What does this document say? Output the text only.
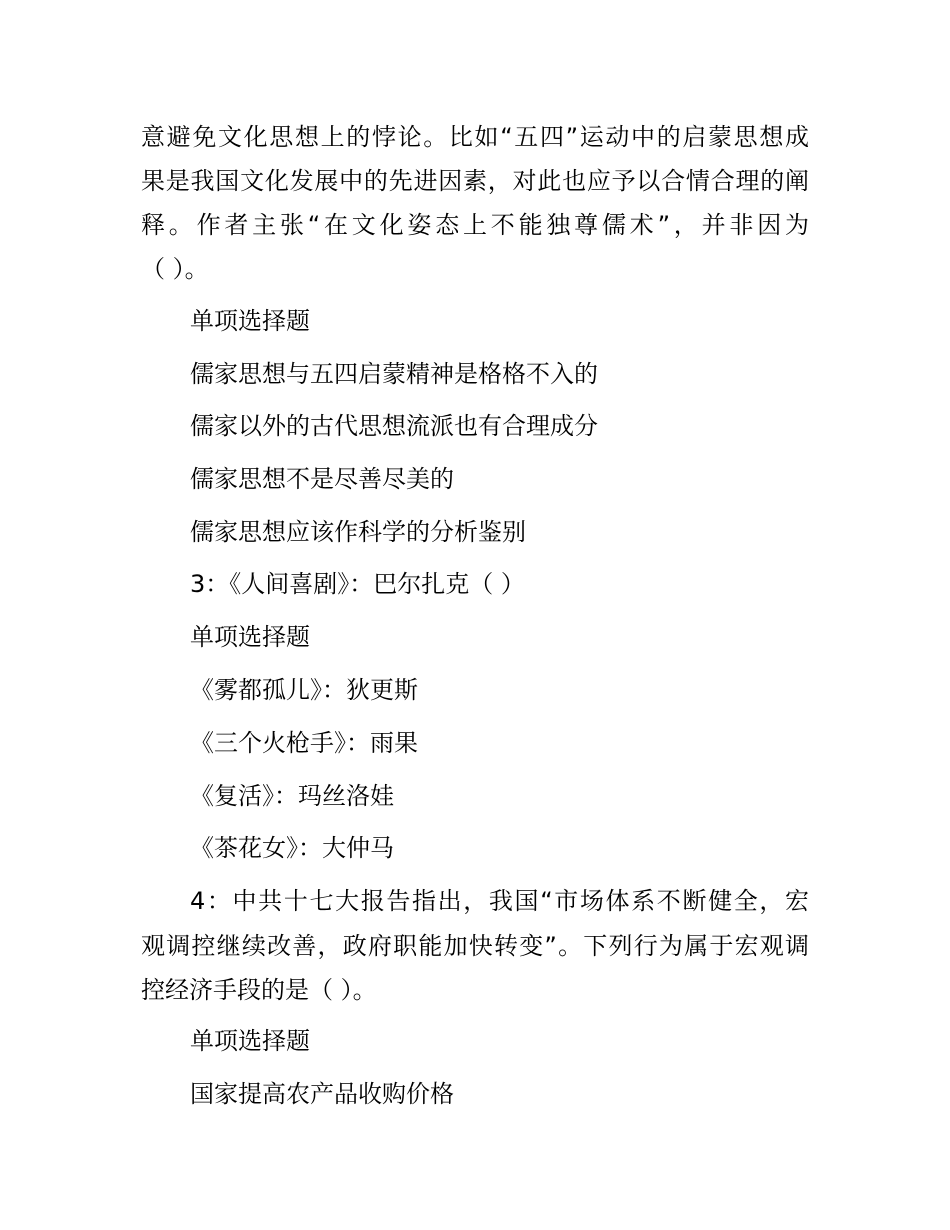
意避免文化思想上的悖论。比如“五四”运动中的启蒙思想成
果是我国文化发展中的先进因素，对此也应予以合情合理的阐
释。作者主张“在文化姿态上不能独尊儒术”，并非因为
（ ）。
单项选择题
儒家思想与五四启蒙精神是格格不入的
儒家以外的古代思想流派也有合理成分
儒家思想不是尽善尽美的
儒家思想应该作科学的分析鉴别
3：《人间喜剧》：巴尔扎克（ ）
单项选择题
《雾都孤儿》：狄更斯
《三个火枪手》：雨果
《复活》：玛丝洛娃
《茶花女》：大仲马
4：中共十七大报告指出，我国“市场体系不断健全，宏
观调控继续改善，政府职能加快转变”。下列行为属于宏观调
控经济手段的是（ ）。
单项选择题
国家提高农产品收购价格
